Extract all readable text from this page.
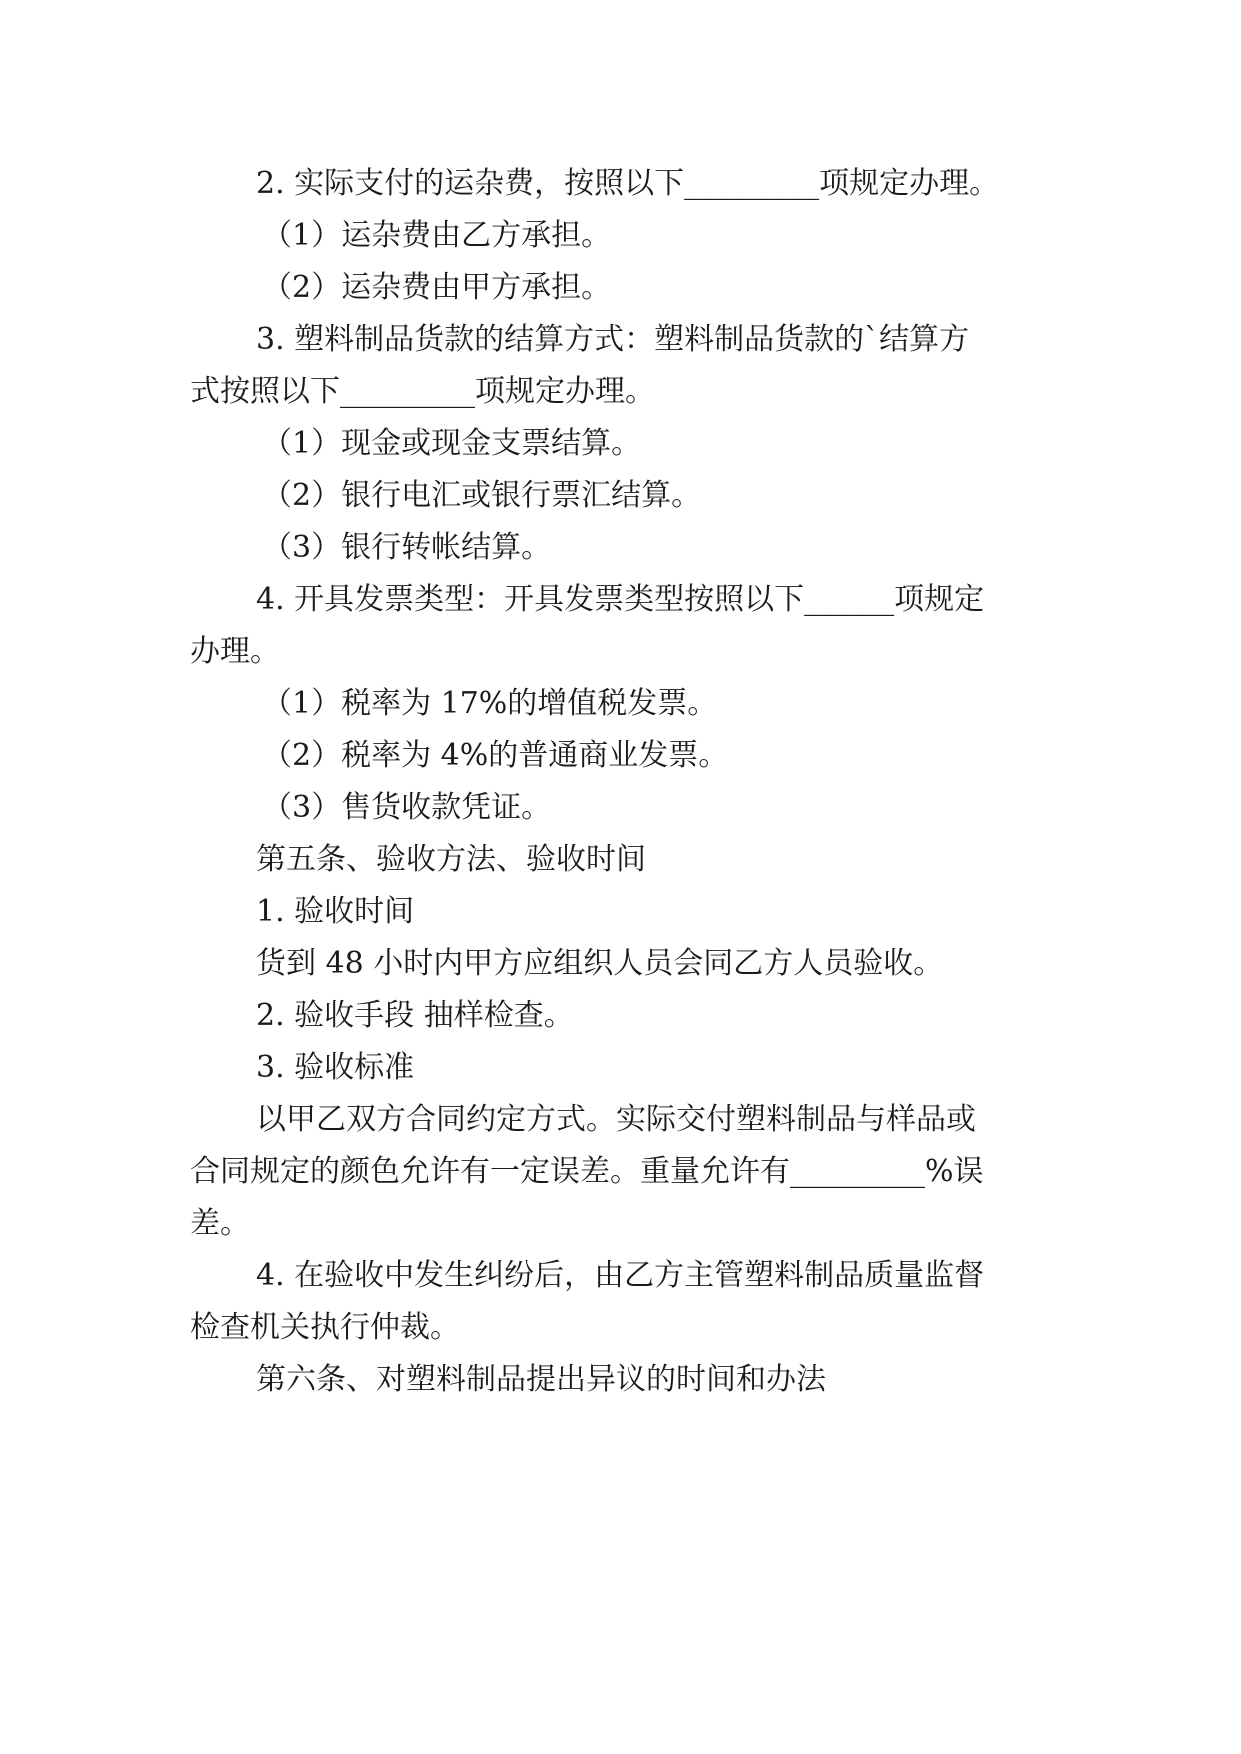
2. 实际支付的运杂费，按照以下_________项规定办理。
（1）运杂费由乙方承担。
（2）运杂费由甲方承担。
3. 塑料制品货款的结算方式：塑料制品货款的`结算方
式按照以下_________项规定办理。
（1）现金或现金支票结算。
（2）银行电汇或银行票汇结算。
（3）银行转帐结算。
4. 开具发票类型：开具发票类型按照以下______项规定
办理。
（1）税率为 17%的增值税发票。
（2）税率为 4%的普通商业发票。
（3）售货收款凭证。
第五条、验收方法、验收时间
1. 验收时间
货到 48 小时内甲方应组织人员会同乙方人员验收。
2. 验收手段 抽样检查。
3. 验收标准
以甲乙双方合同约定方式。实际交付塑料制品与样品或
合同规定的颜色允许有一定误差。重量允许有_________%误
差。
4. 在验收中发生纠纷后，由乙方主管塑料制品质量监督
检查机关执行仲裁。
第六条、对塑料制品提出异议的时间和办法
